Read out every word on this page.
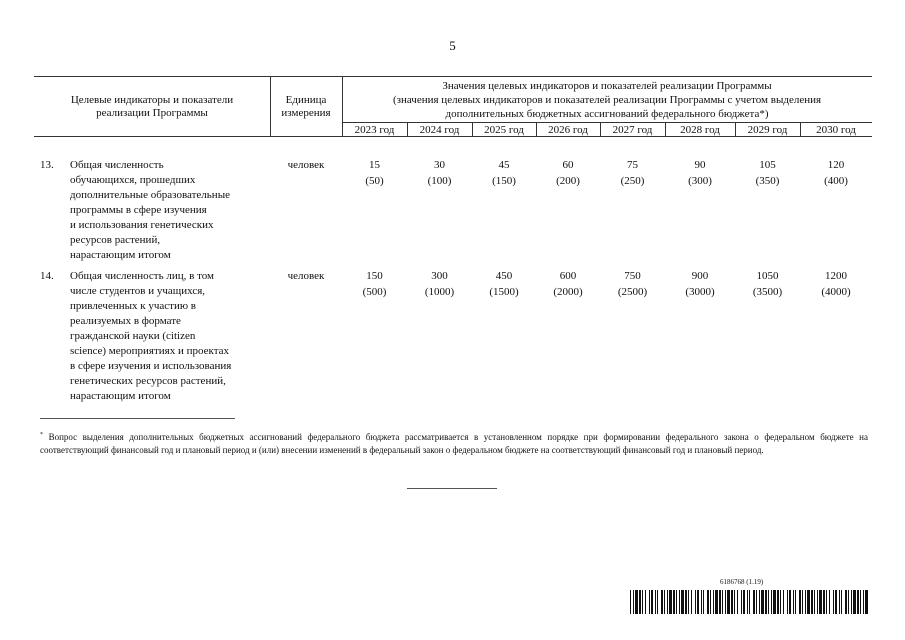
5
Целевые индикаторы и показатели реализации Программы
Единица измерения
Значения целевых индикаторов и показателей реализации Программы
(значения целевых индикаторов и показателей реализации Программы с учетом выделения
дополнительных бюджетных ассигнований федерального бюджета*)
2023 год	2024 год	2025 год	2026 год	2027 год	2028 год	2029 год	2030 год
13. Общая численность
обучающихся, прошедших
дополнительные образовательные
программы в сфере изучения
и использования генетических
ресурсов растений,
нарастающим итогом
человек	15	30	45	60	75	90	105	120
(50)	(100)	(150)	(200)	(250)	(300)	(350)	(400)
14. Общая численность лиц, в том
числе студентов и учащихся,
привлеченных к участию в
реализуемых в формате
гражданской науки (citizen
science) мероприятиях и проектах
в сфере изучения и использования
генетических ресурсов растений,
нарастающим итогом
человек	150	300	450	600	750	900	1050	1200
(500)	(1000)	(1500)	(2000)	(2500)	(3000)	(3500)	(4000)
* Вопрос выделения дополнительных бюджетных ассигнований федерального бюджета рассматривается в установленном порядке при формировании федерального закона о федеральном бюджете на соответствующий финансовый год и плановый период и (или) внесении изменений в федеральный закон о федеральном бюджете на соответствующий финансовый год и плановый период.
6186768 (1.19)
